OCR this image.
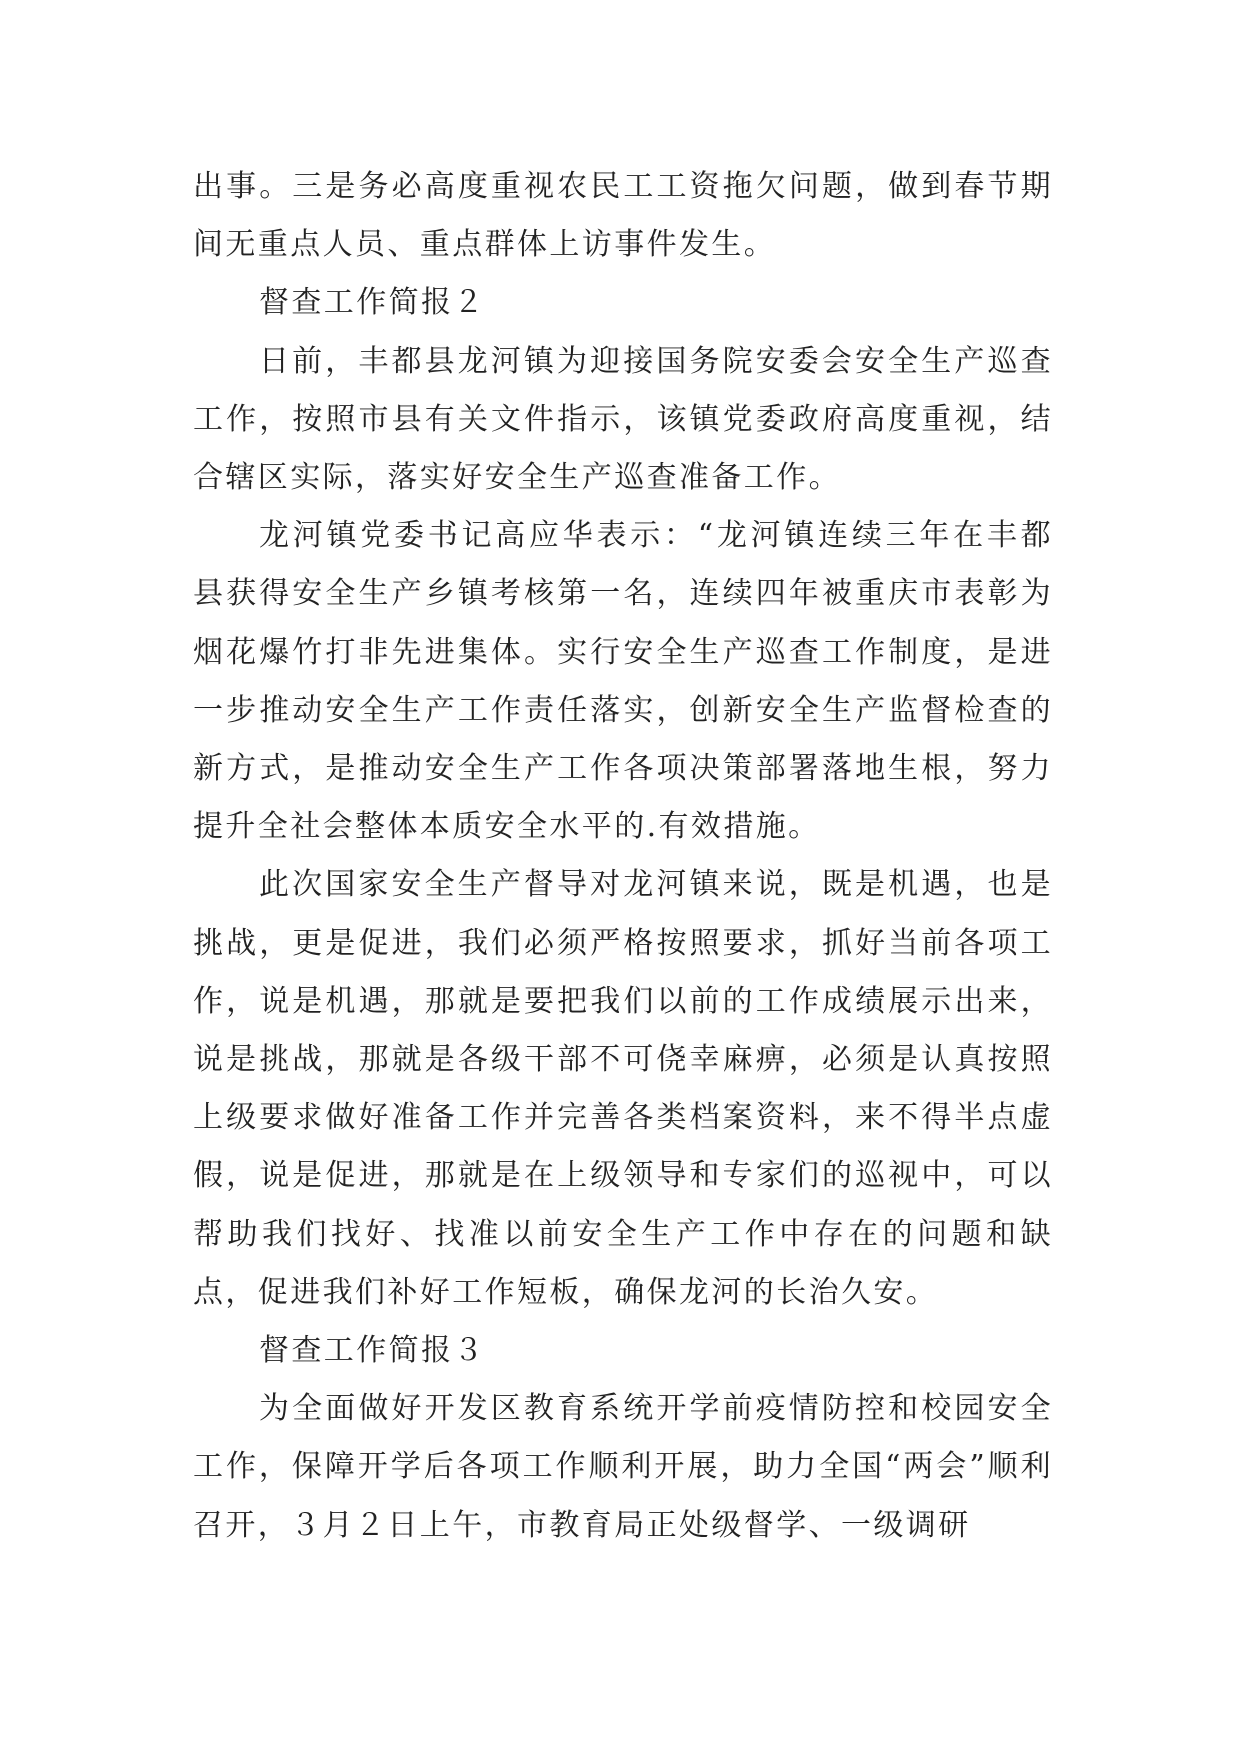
出事。三是务必高度重视农民工工资拖欠问题，做到春节期间无重点人员、重点群体上访事件发生。

督查工作简报２

日前，丰都县龙河镇为迎接国务院安委会安全生产巡查工作，按照市县有关文件指示，该镇党委政府高度重视，结合辖区实际，落实好安全生产巡查准备工作。

龙河镇党委书记高应华表示：“龙河镇连续三年在丰都县获得安全生产乡镇考核第一名，连续四年被重庆市表彰为烟花爆竹打非先进集体。实行安全生产巡查工作制度，是进一步推动安全生产工作责任落实，创新安全生产监督检查的新方式，是推动安全生产工作各项决策部署落地生根，努力提升全社会整体本质安全水平的.有效措施。

此次国家安全生产督导对龙河镇来说，既是机遇，也是挑战，更是促进，我们必须严格按照要求，抓好当前各项工作，说是机遇，那就是要把我们以前的工作成绩展示出来，说是挑战，那就是各级干部不可侥幸麻痹，必须是认真按照上级要求做好准备工作并完善各类档案资料，来不得半点虚假，说是促进，那就是在上级领导和专家们的巡视中，可以帮助我们找好、找准以前安全生产工作中存在的问题和缺点，促进我们补好工作短板，确保龙河的长治久安。

督查工作简报３

为全面做好开发区教育系统开学前疫情防控和校园安全工作，保障开学后各项工作顺利开展，助力全国“两会”顺利召开，３月２日上午，市教育局正处级督学、一级调研
